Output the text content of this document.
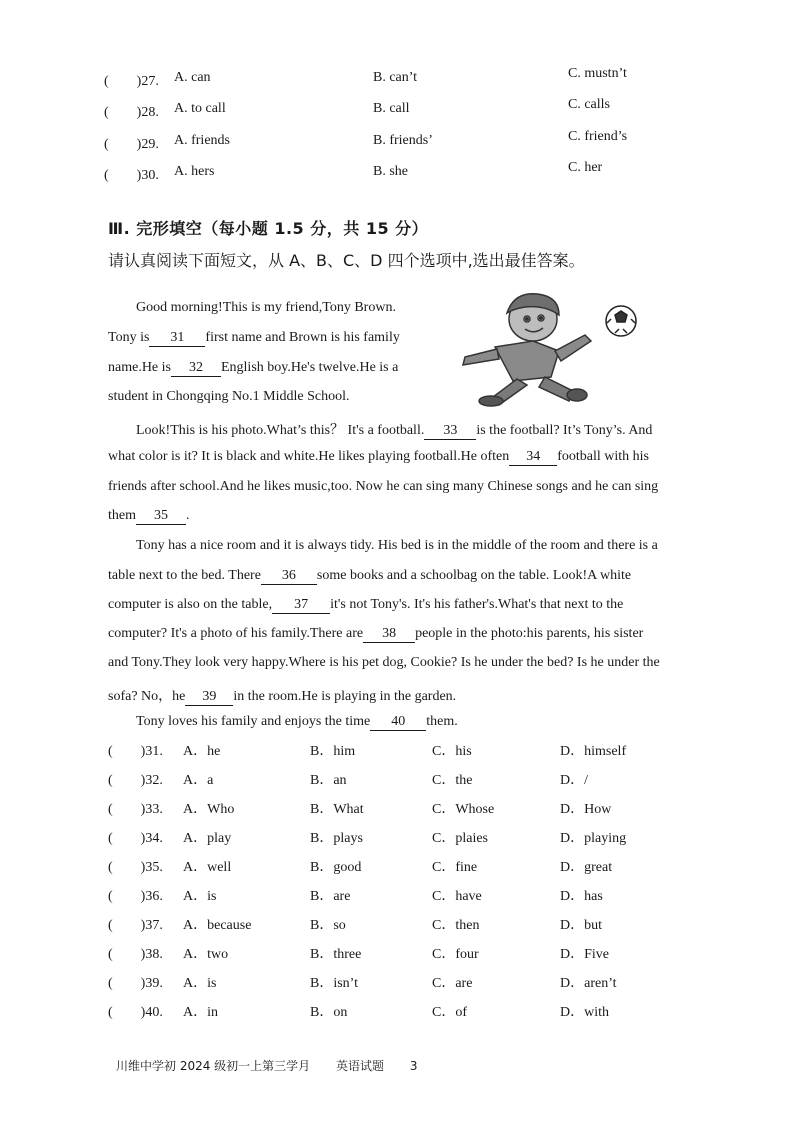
(　　)27. A. can	B. can’t	C. mustn’t
(　　)28. A. to call	B. call	C. calls
(　　)29. A. friends	B. friends’	C. friend’s
(　　)30. A. hers	B. she	C. her
Ⅲ. 完形填空（每小题 1.5 分，共 15 分）
请认真阅读下面短文，从 A、B、C、D 四个选项中,选出最佳答案。
Good morning!This is my friend,Tony Brown.
Tony is 31 first name and Brown is his family
name.He is 32 English boy.He's twelve.He is a
student in Chongqing No.1 Middle School.
Look!This is his photo.What’s this？ It's a football. 33 is the football? It’s Tony’s. And
what color is it? It is black and white.He likes playing football.He often 34 football with his
friends after school.And he likes music,too. Now he can sing many Chinese songs and he can sing
them 35 .
Tony has a nice room and it is always tidy. His bed is in the middle of the room and there is a
table next to the bed. There 36 some books and a schoolbag on the table. Look!A white
computer is also on the table, 37 it's not Tony's. It's his father's.What's that next to the
computer? It's a photo of his family.There are 38 people in the photo:his parents, his sister
and Tony.They look very happy.Where is his pet dog, Cookie? Is he under the bed? Is he under the
sofa? No，he 39 in the room.He is playing in the garden.
Tony loves his family and enjoys the time 40 them.
(　　)31. A．he	B．him	C．his	D．himself
(　　)32. A．a	B．an	C．the	D．/
(　　)33. A．Who	B．What	C．Whose	D．How
(　　)34. A．play	B．plays	C．plaies	D．playing
(　　)35. A．well	B．good	C．fine	D．great
(　　)36. A．is	B．are	C．have	D．has
(　　)37. A．because	B．so	C．then	D．but
(　　)38. A．two	B．three	C．four	D．Five
(　　)39. A．is	B．isn’t	C．are	D．aren’t
(　　)40. A．in	B．on	C．of	D．with
川维中学初 2024 级初一上第三学月 英语试题 3
